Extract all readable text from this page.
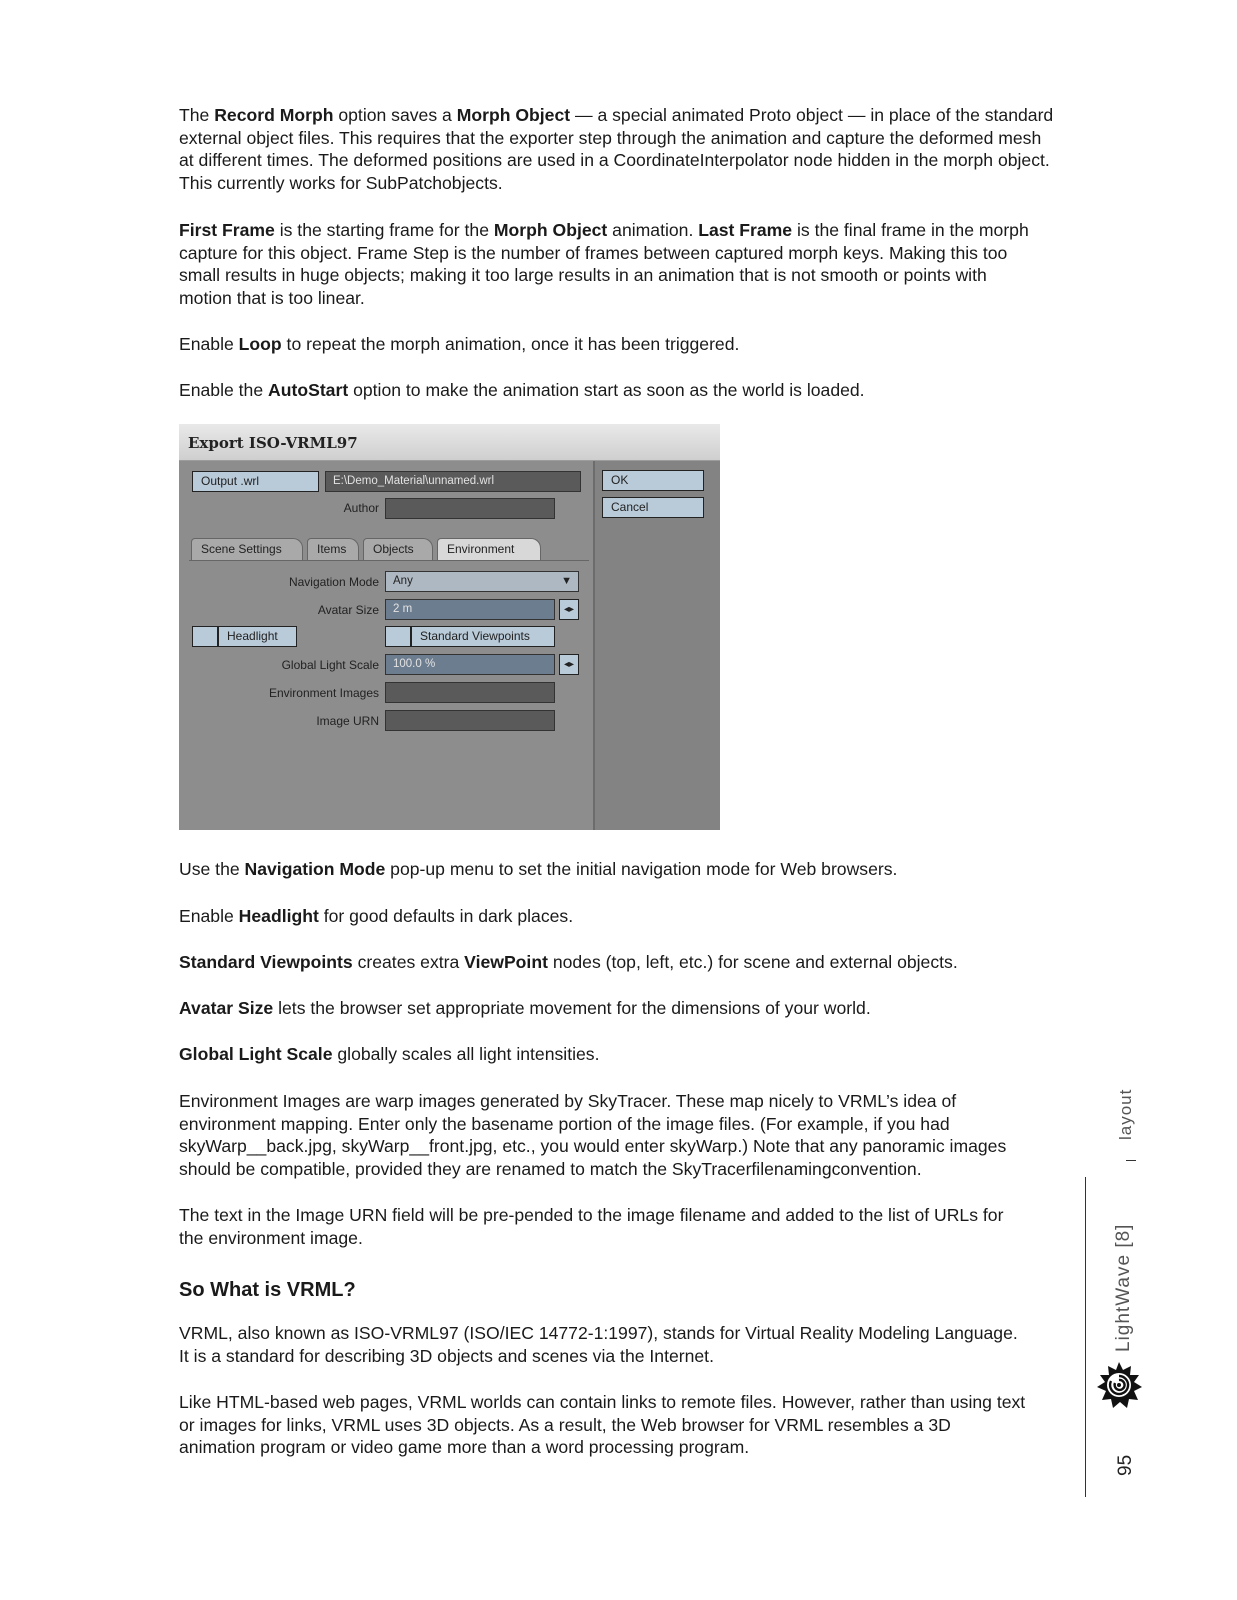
The Record Morph option saves a Morph Object — a special animated Proto object — in place of the standard external object files. This requires that the exporter step through the animation and capture the deformed mesh at different times. The deformed positions are used in a CoordinateInterpolator node hidden in the morph object. This currently works for SubPatchobjects.

First Frame is the starting frame for the Morph Object animation. Last Frame is the final frame in the morph capture for this object. Frame Step is the number of frames between captured morph keys. Making this too small results in huge objects; making it too large results in an animation that is not smooth or points with motion that is too linear.

Enable Loop to repeat the morph animation, once it has been triggered.

Enable the AutoStart option to make the animation start as soon as the world is loaded.

Export ISO-VRML97
Output .wrl	E:\Demo_Material\unnamed.wrl
Author
OK
Cancel
Scene Settings	Items	Objects	Environment
Navigation Mode	Any	▼
Avatar Size	2 m	◂▸
Headlight	Standard Viewpoints
Global Light Scale	100.0 %	◂▸
Environment Images
Image URN

Use the Navigation Mode pop-up menu to set the initial navigation mode for Web browsers.

Enable Headlight for good defaults in dark places.

Standard Viewpoints creates extra ViewPoint nodes (top, left, etc.) for scene and external objects.

Avatar Size lets the browser set appropriate movement for the dimensions of your world.

Global Light Scale globally scales all light intensities.

Environment Images are warp images generated by SkyTracer. These map nicely to VRML’s idea of environment mapping. Enter only the basename portion of the image files. (For example, if you had skyWarp__back.jpg, skyWarp__front.jpg, etc., you would enter skyWarp.) Note that any panoramic images should be compatible, provided they are renamed to match the SkyTracerfilenamingconvention.

The text in the Image URN field will be pre-pended to the image filename and added to the list of URLs for the environment image.

So What is VRML?

VRML, also known as ISO-VRML97 (ISO/IEC 14772-1:1997), stands for Virtual Reality Modeling Language. It is a standard for describing 3D objects and scenes via the Internet.

Like HTML-based web pages, VRML worlds can contain links to remote files. However, rather than using text or images for links, VRML uses 3D objects. As a result, the Web browser for VRML resembles a 3D animation program or video game more than a word processing program.

layout
LightWave [8]
95
